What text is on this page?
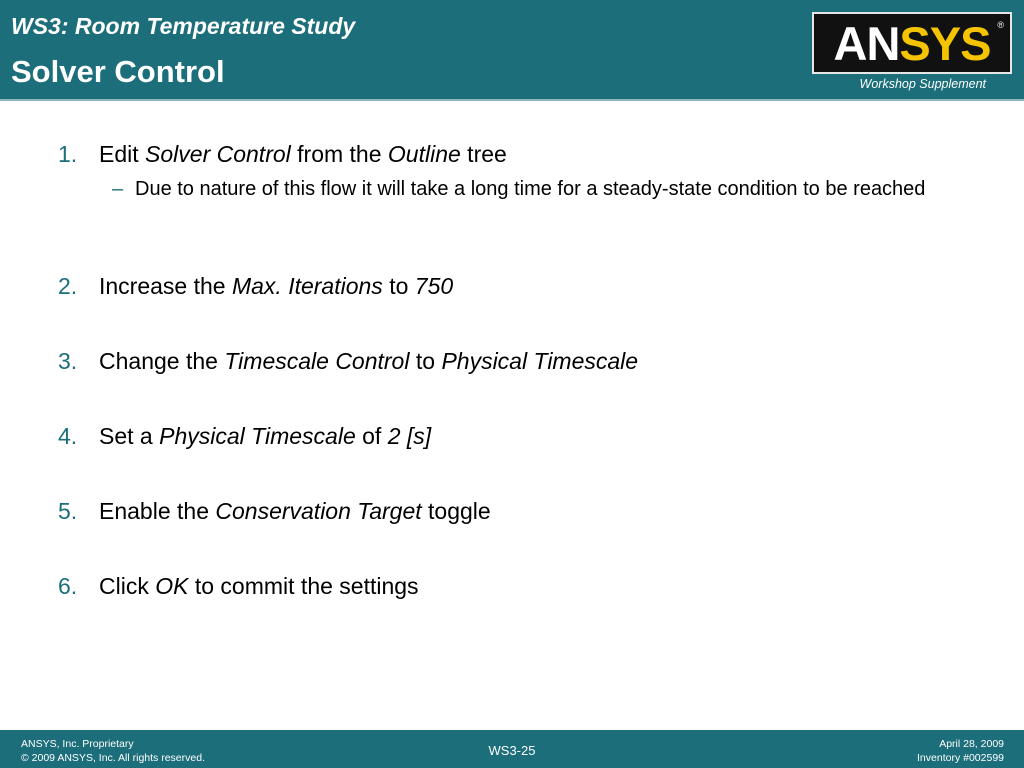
WS3: Room Temperature Study
Solver Control
ANSYS ®
Workshop Supplement
1. Edit Solver Control from the Outline tree
– Due to nature of this flow it will take a long time for a steady-state condition to be reached
2. Increase the Max. Iterations to 750
3. Change the Timescale Control to Physical Timescale
4. Set a Physical Timescale of 2 [s]
5. Enable the Conservation Target toggle
6. Click OK to commit the settings
ANSYS, Inc. Proprietary
© 2009 ANSYS, Inc. All rights reserved.	WS3-25	April 28, 2009
Inventory #002599
